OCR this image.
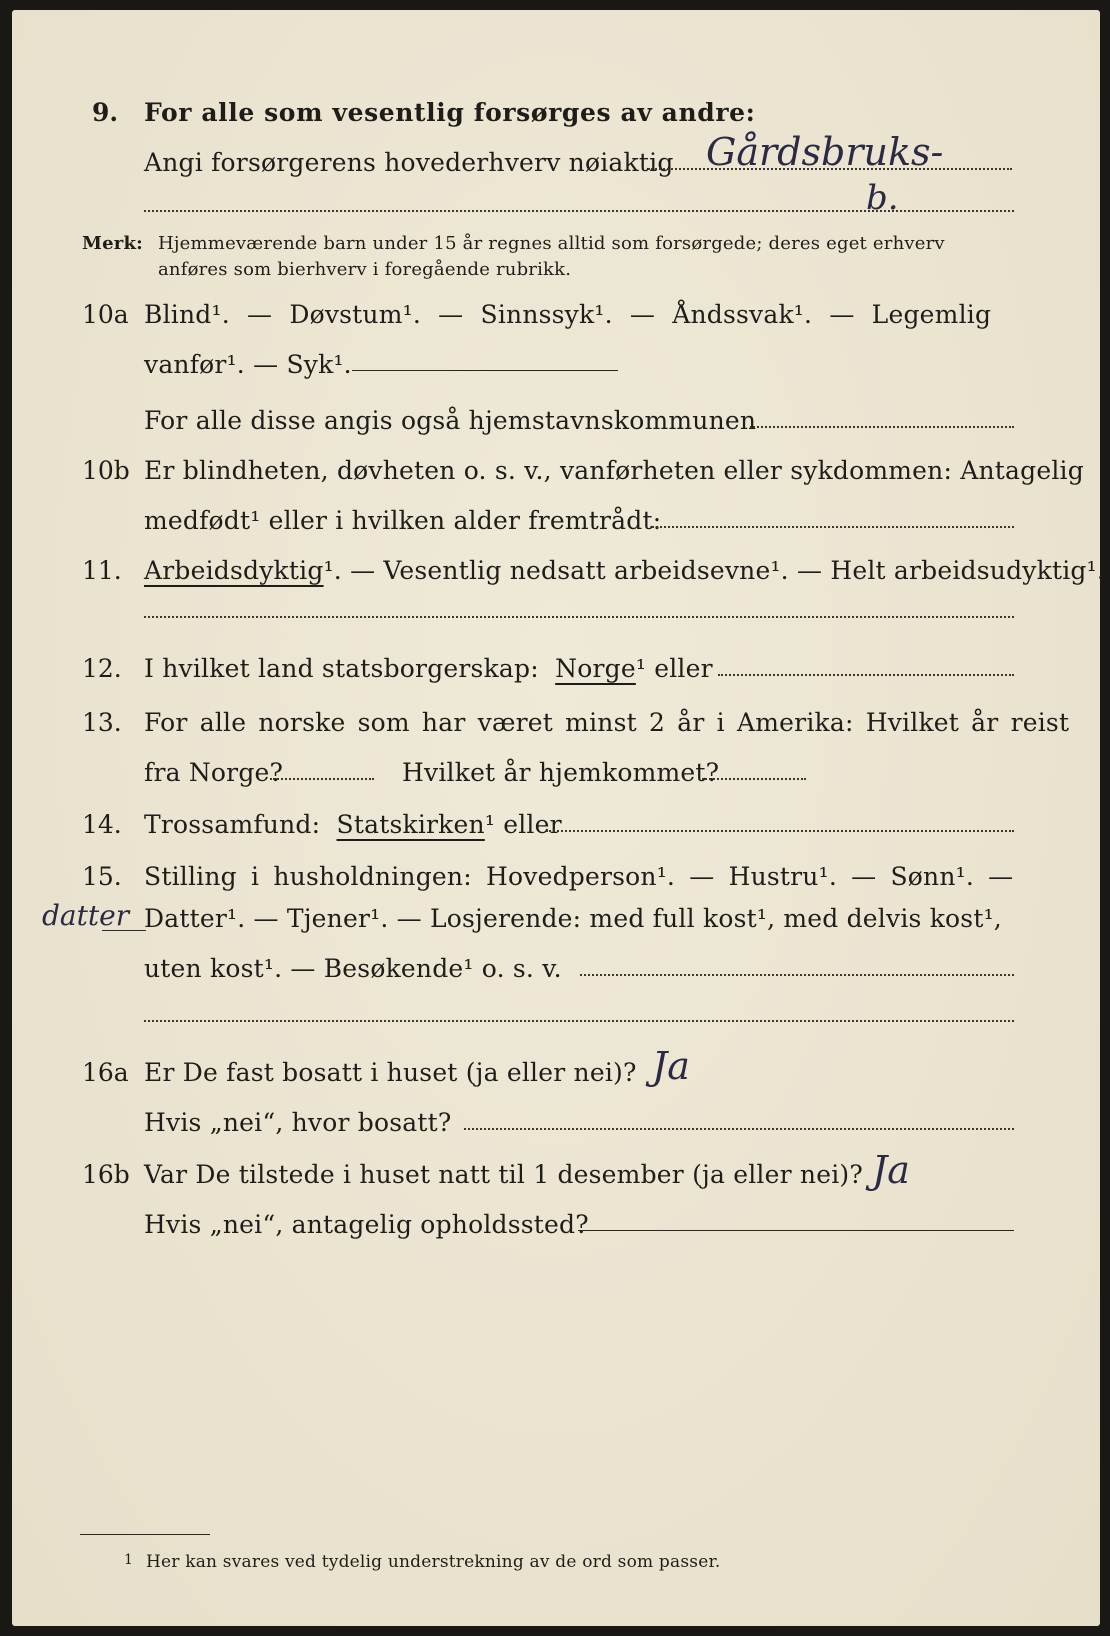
9. For alle som vesentlig forsørges av andre:
Angi forsørgerens hovederhverv nøiaktig Gårdsbruks-
b.
Merk: Hjemmeværende barn under 15 år regnes alltid som forsørgede; deres eget erhverv
anføres som bierhverv i foregående rubrikk.
10a Blind¹. — Døvstum¹. — Sinnssyk¹. — Åndssvak¹. — Legemlig
vanfør¹. — Syk¹.
For alle disse angis også hjemstavnskommunen
10b Er blindheten, døvheten o. s. v., vanførheten eller sykdommen: Antagelig
medfødt¹ eller i hvilken alder fremtrådt:
11. Arbeidsdyktig¹. — Vesentlig nedsatt arbeidsevne¹. — Helt arbeidsudyktig¹.
12. I hvilket land statsborgerskap: Norge¹ eller
13. For alle norske som har været minst 2 år i Amerika: Hvilket år reist
fra Norge?	Hvilket år hjemkommet?
14. Trossamfund: Statskirken¹ eller
15. Stilling i husholdningen: Hovedperson¹. — Hustru¹. — Sønn¹. —
datter Datter¹. — Tjener¹. — Losjerende: med full kost¹, med delvis kost¹,
uten kost¹. — Besøkende¹ o. s. v.
16a Er De fast bosatt i huset (ja eller nei)? Ja
Hvis „nei“, hvor bosatt?
16b Var De tilstede i huset natt til 1 desember (ja eller nei)? Ja
Hvis „nei“, antagelig opholdssted?
1 Her kan svares ved tydelig understrekning av de ord som passer.
